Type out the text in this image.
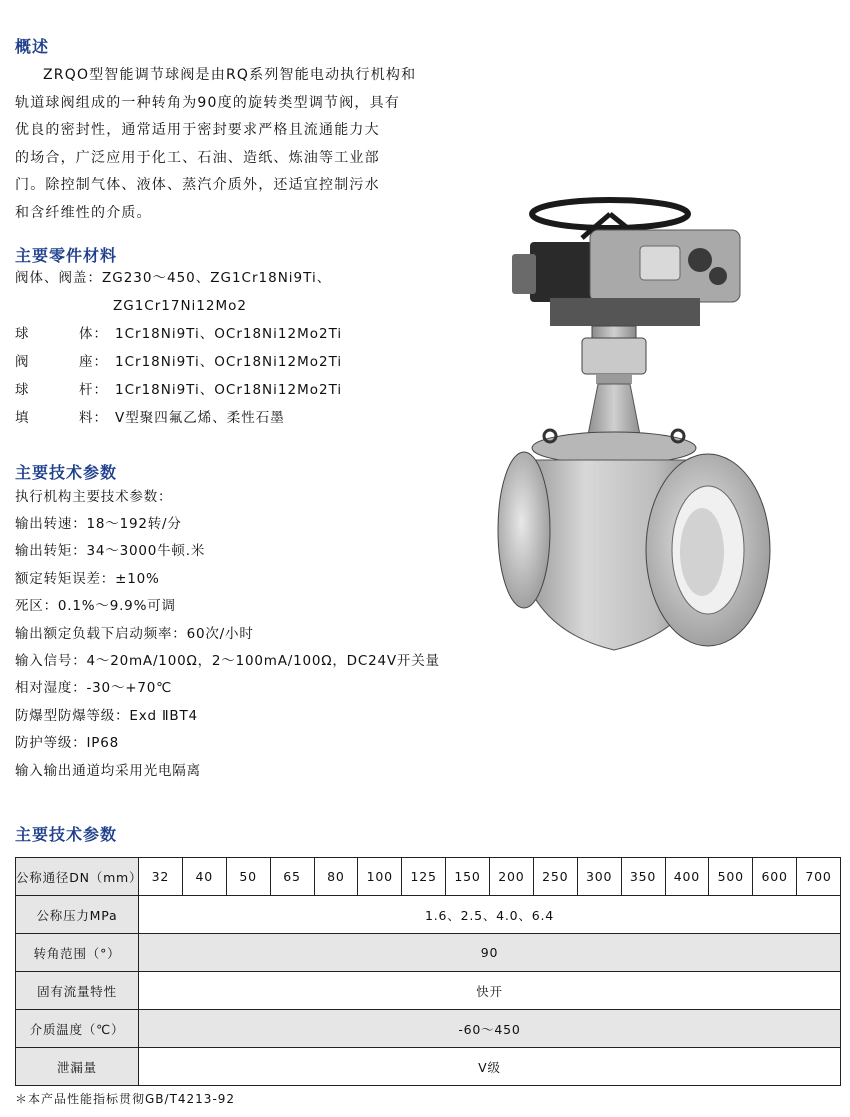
概述

ZRQO型智能调节球阀是由RQ系列智能电动执行机构和

轨道球阀组成的一种转角为90度的旋转类型调节阀，具有

优良的密封性，通常适用于密封要求严格且流通能力大

的场合，广泛应用于化工、石油、造纸、炼油等工业部

门。除控制气体、液体、蒸汽介质外，还适宜控制污水

和含纤维性的介质。

主要零件材料
阀体、阀盖：ZG230～450、ZG1Cr18Ni9Ti、
ZG1Cr17Ni12Mo2
球	体： 1Cr18Ni9Ti、OCr18Ni12Mo2Ti
阀	座： 1Cr18Ni9Ti、OCr18Ni12Mo2Ti
球	杆： 1Cr18Ni9Ti、OCr18Ni12Mo2Ti
填	料： V型聚四氟乙烯、柔性石墨
主要技术参数
执行机构主要技术参数：
输出转速：18～192转/分
输出转矩：34～3000牛顿.米
额定转矩误差：±10%
死区：0.1%～9.9%可调
输出额定负载下启动频率：60次/小时
输入信号：4～20mA/100Ω，2～100mA/100Ω，DC24V开关量
相对湿度：-30～+70℃
防爆型防爆等级：Exd ⅡBT4
防护等级：IP68
输入输出通道均采用光电隔离
主要技术参数
公称通径DN（mm）	32	40	50	65	80	100	125	150	200	250	300	350	400	500	600	700
公称压力MPa	1.6、2.5、4.0、6.4															
转角范围（°）	90															
固有流量特性	快开															
介质温度（℃）	-60～450															
泄漏量	V级															
＊本产品性能指标贯彻GB/T4213-92
